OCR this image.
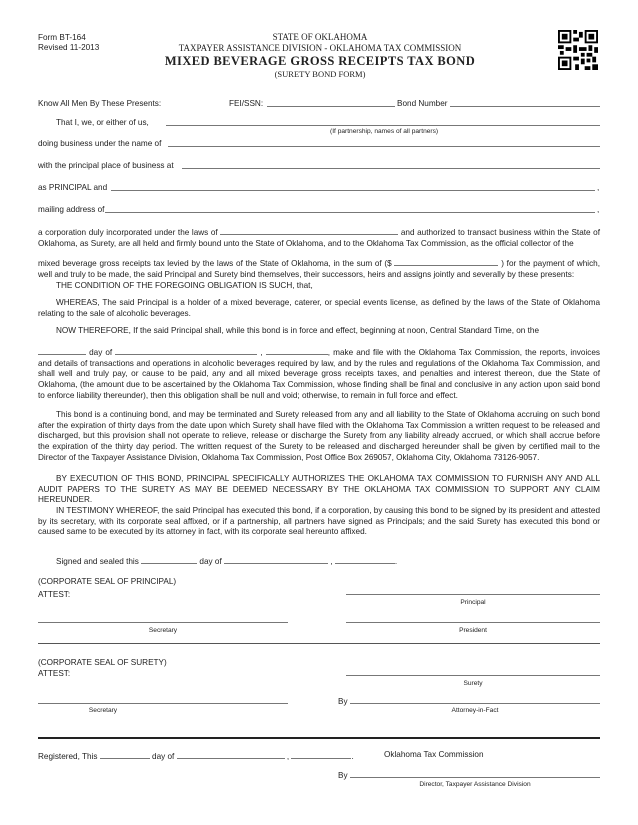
Form BT-164
Revised 11-2013
STATE OF OKLAHOMA
TAXPAYER ASSISTANCE DIVISION - OKLAHOMA TAX COMMISSION
MIXED BEVERAGE GROSS RECEIPTS TAX BOND
(SURETY BOND FORM)
Know All Men By These Presents:	FEI/SSN:	Bond Number
That I, we, or either of us,
(If partnership, names of all partners)
doing business under the name of
with the principal place of business at
as PRINCIPAL and	,
mailing address of	,
a corporation duly incorporated under the laws of	and authorized to transact business within the State of Oklahoma, as Surety, are all held and firmly bound unto the State of Oklahoma, and to the Oklahoma Tax Commission, as the official collector of the
mixed beverage gross receipts tax levied by the laws of the State of Oklahoma, in the sum of ($	) for the payment of which, well and truly to be made, the said Principal and Surety bind themselves, their successors, heirs and assigns jointly and severally by these presents:
THE CONDITION OF THE FOREGOING OBLIGATION IS SUCH, that,
WHEREAS, The said Principal is a holder of a mixed beverage, caterer, or special events license, as defined by the laws of the State of Oklahoma relating to the sale of alcoholic beverages.
NOW THEREFORE, If the said Principal shall, while this bond is in force and effect, beginning at noon, Central Standard Time, on the
day of	,	, make and file with the Oklahoma Tax Commission, the reports, invoices and details of transactions and operations in alcoholic beverages required by law, and by the rules and regulations of the Oklahoma Tax Commission, and shall well and truly pay, or cause to be paid, any and all mixed beverage gross receipts taxes, and penalties and interest thereon, due the State of Oklahoma, (the amount due to be ascertained by the Oklahoma Tax Commission, whose finding shall be final and conclusive in any action upon said bond to enforce liability thereunder), then this obligation shall be null and void; otherwise, to remain in full force and effect.
This bond is a continuing bond, and may be terminated and Surety released from any and all liability to the State of Oklahoma accruing on such bond after the expiration of thirty days from the date upon which Surety shall have filed with the Oklahoma Tax Commission a written request to be released and discharged, but this provision shall not operate to relieve, release or discharge the Surety from any liability already accrued, or which shall accrue before the expiration of the thirty day period. The written request of the Surety to be released and discharged hereunder shall be given by certified mail to the Director of the Taxpayer Assistance Division, Oklahoma Tax Commission, Post Office Box 269057, Oklahoma City, Oklahoma 73126-9057.
BY EXECUTION OF THIS BOND, PRINCIPAL SPECIFICALLY AUTHORIZES THE OKLAHOMA TAX COMMISSION TO FURNISH ANY AND ALL AUDIT PAPERS TO THE SURETY AS MAY BE DEEMED NECESSARY BY THE OKLAHOMA TAX COMMISSION TO SUPPORT ANY CLAIM HEREUNDER.
IN TESTIMONY WHEREOF, the said Principal has executed this bond, if a corporation, by causing this bond to be signed by its president and attested by its secretary, with its corporate seal affixed, or if a partnership, all partners have signed as Principals; and the said Surety has executed this bond or caused same to be executed by its attorney in fact, with its corporate seal hereunto affixed.
Signed and sealed this	day of	,	.
(CORPORATE SEAL OF PRINCIPAL)
ATTEST:
Principal
Secretary	President
(CORPORATE SEAL OF SURETY)
ATTEST:
Surety
Secretary
By
Attorney-in-Fact
Registered, This	day of	,	.	Oklahoma Tax Commission
By
Director, Taxpayer Assistance Division
